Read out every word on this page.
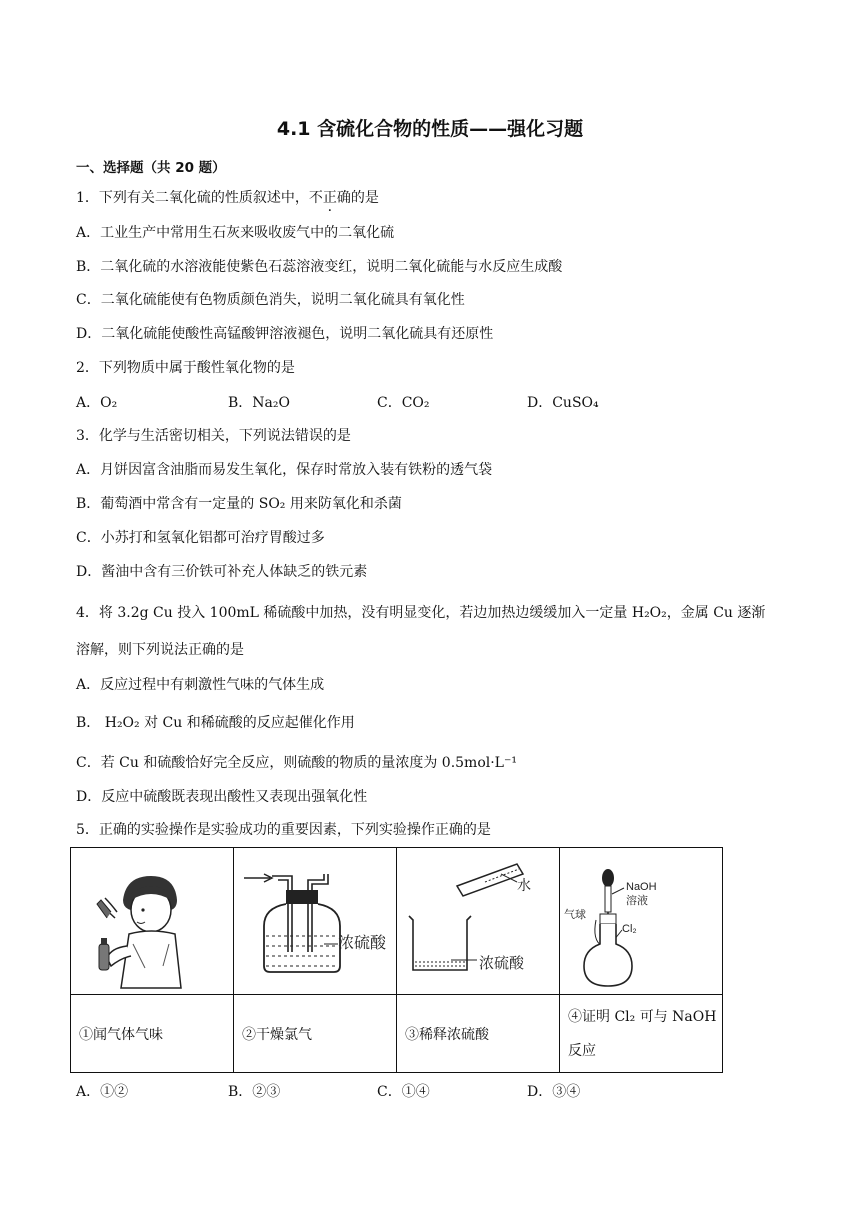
4.1 含硫化合物的性质——强化习题
一、选择题（共 20 题）
1．下列有关二氧化硫的性质叙述中，不正确的是
A．工业生产中常用生石灰来吸收废气中的二氧化硫
B．二氧化硫的水溶液能使紫色石蕊溶液变红，说明二氧化硫能与水反应生成酸
C．二氧化硫能使有色物质颜色消失，说明二氧化硫具有氧化性
D．二氧化硫能使酸性高锰酸钾溶液褪色，说明二氧化硫具有还原性
2．下列物质中属于酸性氧化物的是
A．O₂	B．Na₂O	C．CO₂	D．CuSO₄
3．化学与生活密切相关，下列说法错误的是
A．月饼因富含油脂而易发生氧化，保存时常放入装有铁粉的透气袋
B．葡萄酒中常含有一定量的 SO₂ 用来防氧化和杀菌
C．小苏打和氢氧化铝都可治疗胃酸过多
D．酱油中含有三价铁可补充人体缺乏的铁元素
4．将 3.2g Cu 投入 100mL 稀硫酸中加热，没有明显变化，若边加热边缓缓加入一定量 H₂O₂，金属 Cu 逐渐
溶解，则下列说法正确的是
A．反应过程中有刺激性气味的气体生成
B． H₂O₂ 对 Cu 和稀硫酸的反应起催化作用
C．若 Cu 和硫酸恰好完全反应，则硫酸的物质的量浓度为 0.5mol·L⁻¹
D．反应中硫酸既表现出酸性又表现出强氧化性
5．正确的实验操作是实验成功的重要因素，下列实验操作正确的是

浓硫酸	水
浓硫酸	NaOH
溶液
气球
Cl₂

①闻气体气味	②干燥氯气	③稀释浓硫酸	④证明 Cl₂ 可与 NaOH
反应
A．①②	B．②③	C．①④	D．③④
